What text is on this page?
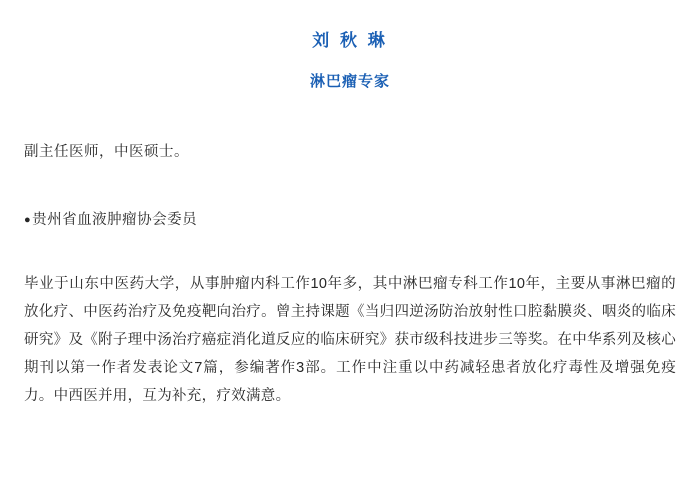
刘 秋 琳
淋巴瘤专家
副主任医师，中医硕士。
●贵州省血液肿瘤协会委员
毕业于山东中医药大学，从事肿瘤内科工作10年多，其中淋巴瘤专科工作10年，主要从事淋巴瘤的放化疗、中医药治疗及免疫靶向治疗。曾主持课题《当归四逆汤防治放射性口腔黏膜炎、咽炎的临床研究》及《附子理中汤治疗癌症消化道反应的临床研究》获市级科技进步三等奖。在中华系列及核心期刊以第一作者发表论文7篇，参编著作3部。工作中注重以中药减轻患者放化疗毒性及增强免疫力。中西医并用，互为补充，疗效满意。
